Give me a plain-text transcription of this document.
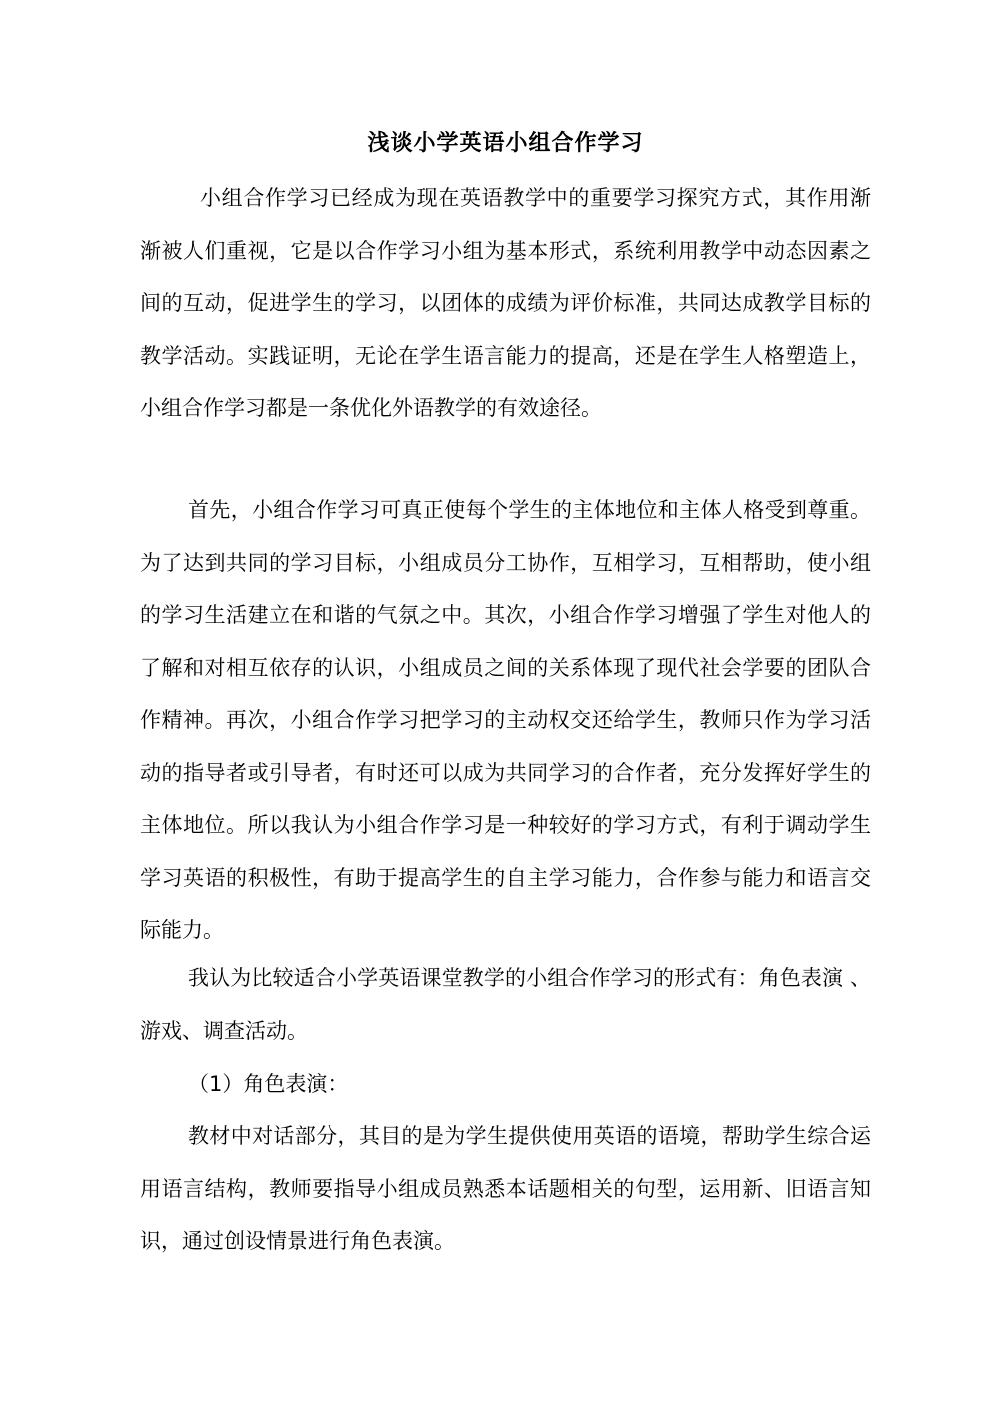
浅谈小学英语小组合作学习

小组合作学习已经成为现在英语教学中的重要学习探究方式，其作用渐渐被人们重视，它是以合作学习小组为基本形式，系统利用教学中动态因素之间的互动，促进学生的学习，以团体的成绩为评价标准，共同达成教学目标的教学活动。实践证明，无论在学生语言能力的提高，还是在学生人格塑造上，小组合作学习都是一条优化外语教学的有效途径。

首先，小组合作学习可真正使每个学生的主体地位和主体人格受到尊重。为了达到共同的学习目标，小组成员分工协作，互相学习，互相帮助，使小组的学习生活建立在和谐的气氛之中。其次，小组合作学习增强了学生对他人的了解和对相互依存的认识，小组成员之间的关系体现了现代社会学要的团队合作精神。再次，小组合作学习把学习的主动权交还给学生，教师只作为学习活动的指导者或引导者，有时还可以成为共同学习的合作者，充分发挥好学生的主体地位。所以我认为小组合作学习是一种较好的学习方式，有利于调动学生学习英语的积极性，有助于提高学生的自主学习能力，合作参与能力和语言交际能力。

我认为比较适合小学英语课堂教学的小组合作学习的形式有：角色表演 、游戏、调查活动。

（1）角色表演：

教材中对话部分，其目的是为学生提供使用英语的语境，帮助学生综合运用语言结构，教师要指导小组成员熟悉本话题相关的句型，运用新、旧语言知识，通过创设情景进行角色表演。
